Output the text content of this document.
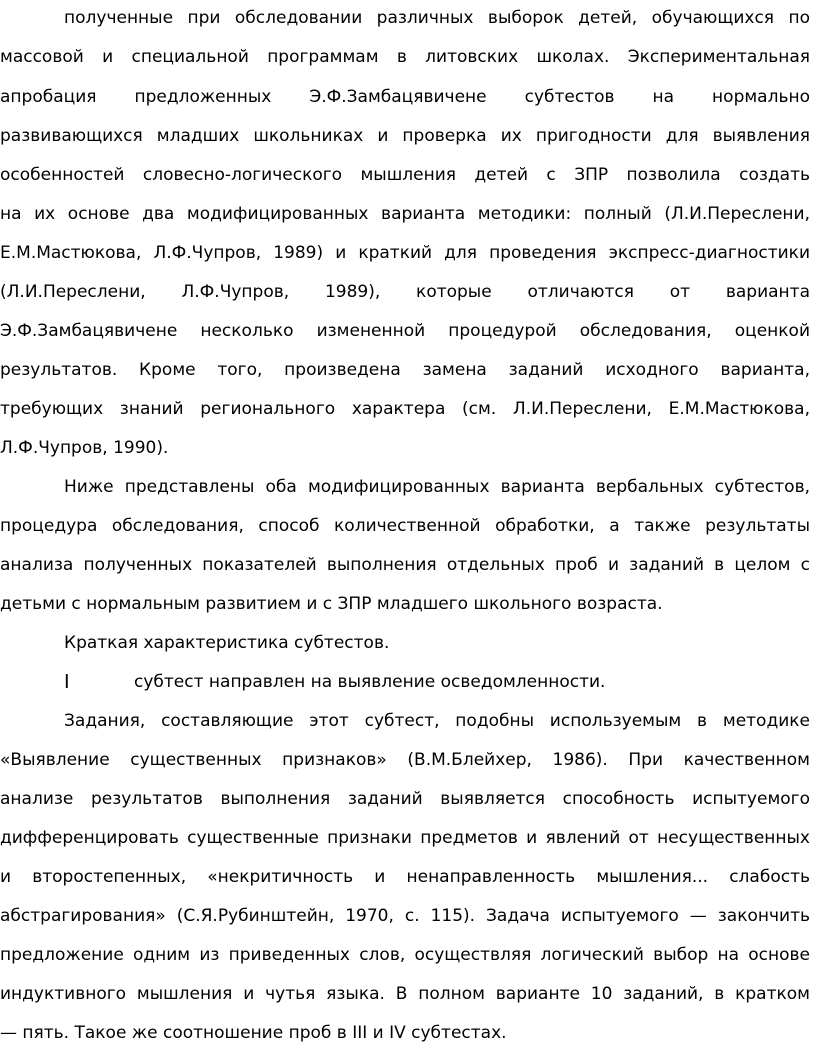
полученные при обследовании различных выборок детей, обучающихся по
массовой и специальной программам в литовских школах. Экспериментальная
апробация предложенных Э.Ф.Замбацявичене субтестов на нормально
развивающихся младших школьниках и проверка их пригодности для выявления
особенностей словесно-логического мышления детей с ЗПР позволила создать
на их основе два модифицированных варианта методики: полный (Л.И.Переслени,
Е.М.Мастюкова, Л.Ф.Чупров, 1989) и краткий для проведения экспресс-диагностики
(Л.И.Переслени, Л.Ф.Чупров, 1989), которые отличаются от варианта
Э.Ф.Замбацявичене несколько измененной процедурой обследования, оценкой
результатов. Кроме того, произведена замена заданий исходного варианта,
требующих знаний регионального характера (см. Л.И.Переслени, Е.М.Мастюкова,
Л.Ф.Чупров, 1990).
Ниже представлены оба модифицированных варианта вербальных субтестов,
процедура обследования, способ количественной обработки, а также результаты
анализа полученных показателей выполнения отдельных проб и заданий в целом с
детьми с нормальным развитием и с ЗПР младшего школьного возраста.
Краткая характеристика субтестов.
I	субтест направлен на выявление осведомленности.
Задания, составляющие этот субтест, подобны используемым в методике
«Выявление существенных признаков» (В.М.Блейхер, 1986). При качественном
анализе результатов выполнения заданий выявляется способность испытуемого
дифференцировать существенные признаки предметов и явлений от несущественных
и второстепенных, «некритичность и ненаправленность мышления... слабость
абстрагирования» (С.Я.Рубинштейн, 1970, с. 115). Задача испытуемого — закончить
предложение одним из приведенных слов, осуществляя логический выбор на основе
индуктивного мышления и чутья языка. В полном варианте 10 заданий, в кратком
— пять. Такое же соотношение проб в III и IV субтестах.
